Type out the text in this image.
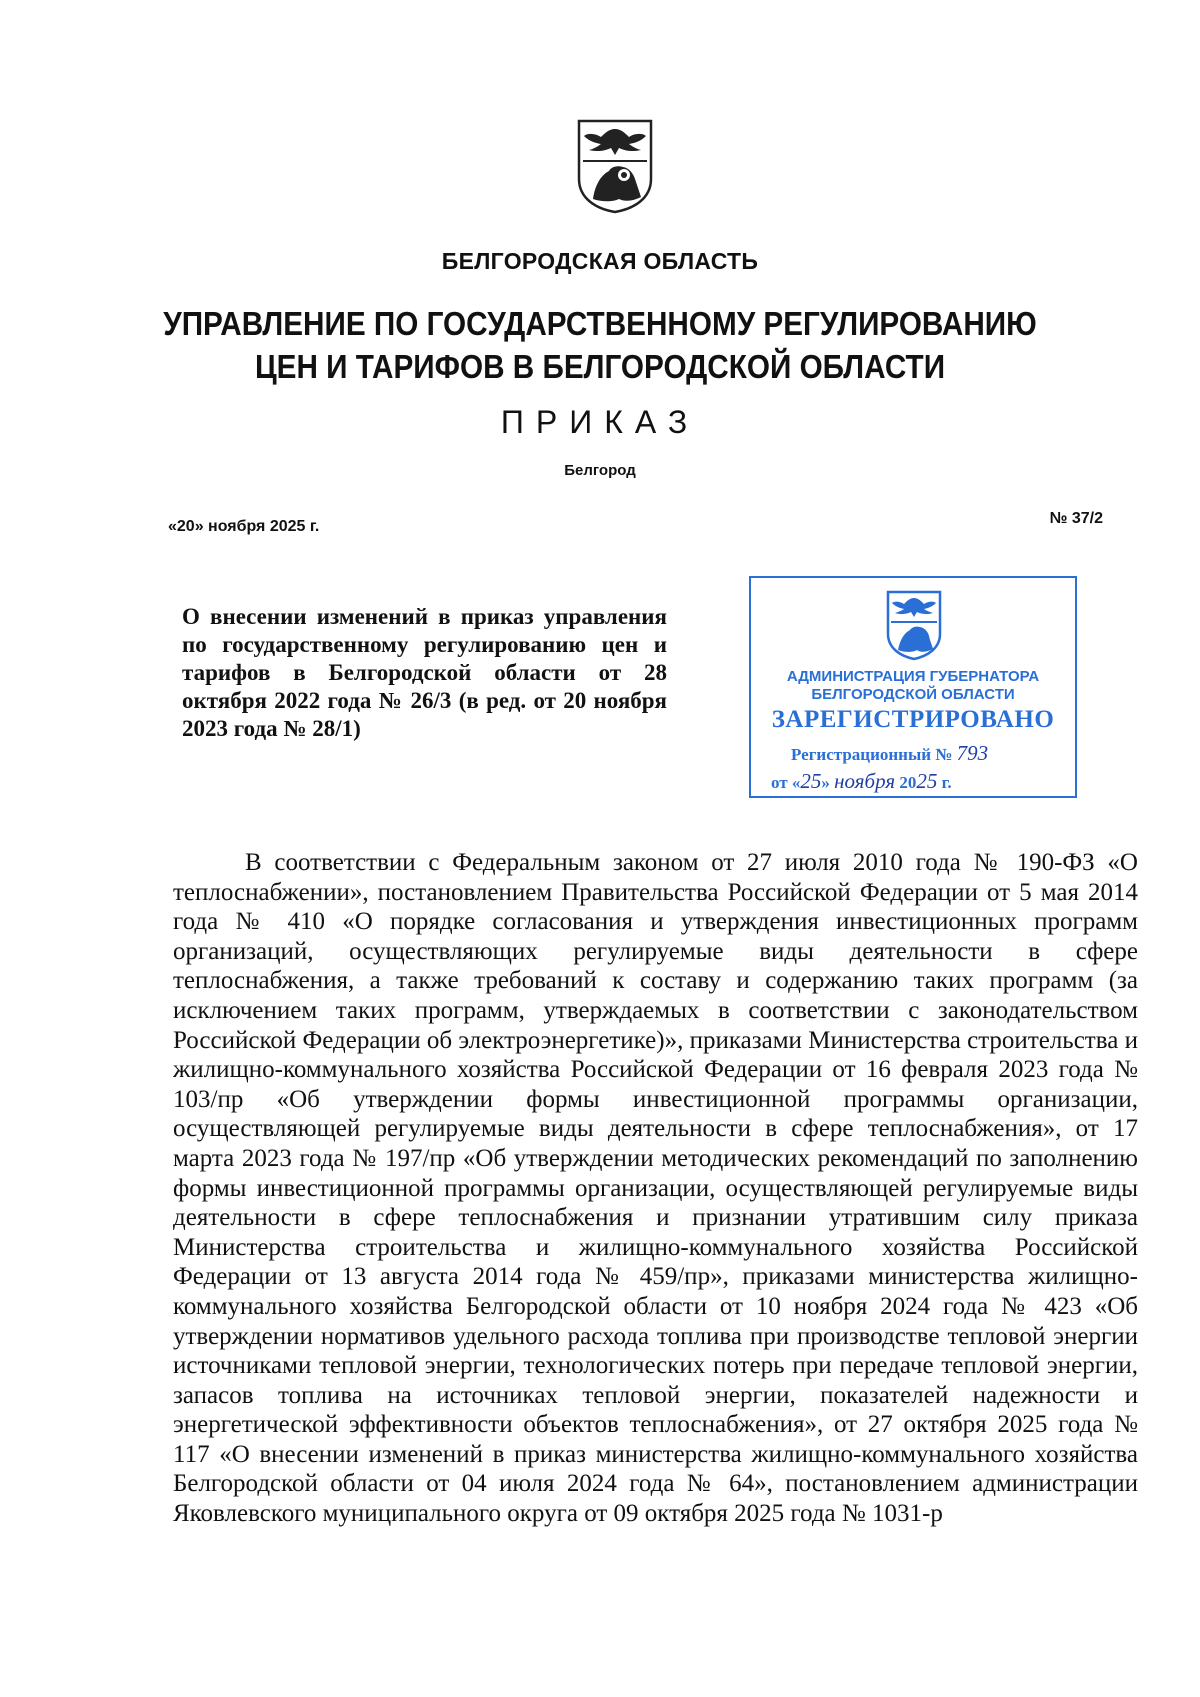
БЕЛГОРОДСКАЯ ОБЛАСТЬ
УПРАВЛЕНИЕ ПО ГОСУДАРСТВЕННОМУ РЕГУЛИРОВАНИЮ
ЦЕН И ТАРИФОВ В БЕЛГОРОДСКОЙ ОБЛАСТИ
ПРИКАЗ
Белгород
«20» ноября 2025 г.	№ 37/2
О внесении изменений в приказ управления по государственному регулированию цен и тарифов в Белгородской области от 28 октября 2022 года № 26/3 (в ред. от 20 ноября 2023 года № 28/1)
АДМИНИСТРАЦИЯ ГУБЕРНАТОРА
БЕЛГОРОДСКОЙ ОБЛАСТИ
ЗАРЕГИСТРИРОВАНО
Регистрационный № 793
от «25» ноября 2025 г.
В соответствии с Федеральным законом от 27 июля 2010 года № 190-ФЗ «О теплоснабжении», постановлением Правительства Российской Федерации от 5 мая 2014 года № 410 «О порядке согласования и утверждения инвестиционных программ организаций, осуществляющих регулируемые виды деятельности в сфере теплоснабжения, а также требований к составу и содержанию таких программ (за исключением таких программ, утверждаемых в соответствии с законодательством Российской Федерации об электроэнергетике)», приказами Министерства строительства и жилищно-коммунального хозяйства Российской Федерации от 16 февраля 2023 года № 103/пр «Об утверждении формы инвестиционной программы организации, осуществляющей регулируемые виды деятельности в сфере теплоснабжения», от 17 марта 2023 года № 197/пр «Об утверждении методических рекомендаций по заполнению формы инвестиционной программы организации, осуществляющей регулируемые виды деятельности в сфере теплоснабжения и признании утратившим силу приказа Министерства строительства и жилищно-коммунального хозяйства Российской Федерации от 13 августа 2014 года № 459/пр», приказами министерства жилищно-коммунального хозяйства Белгородской области от 10 ноября 2024 года № 423 «Об утверждении нормативов удельного расхода топлива при производстве тепловой энергии источниками тепловой энергии, технологических потерь при передаче тепловой энергии, запасов топлива на источниках тепловой энергии, показателей надежности и энергетической эффективности объектов теплоснабжения», от 27 октября 2025 года № 117 «О внесении изменений в приказ министерства жилищно-коммунального хозяйства Белгородской области от 04 июля 2024 года № 64», постановлением администрации Яковлевского муниципального округа от 09 октября 2025 года № 1031-р
